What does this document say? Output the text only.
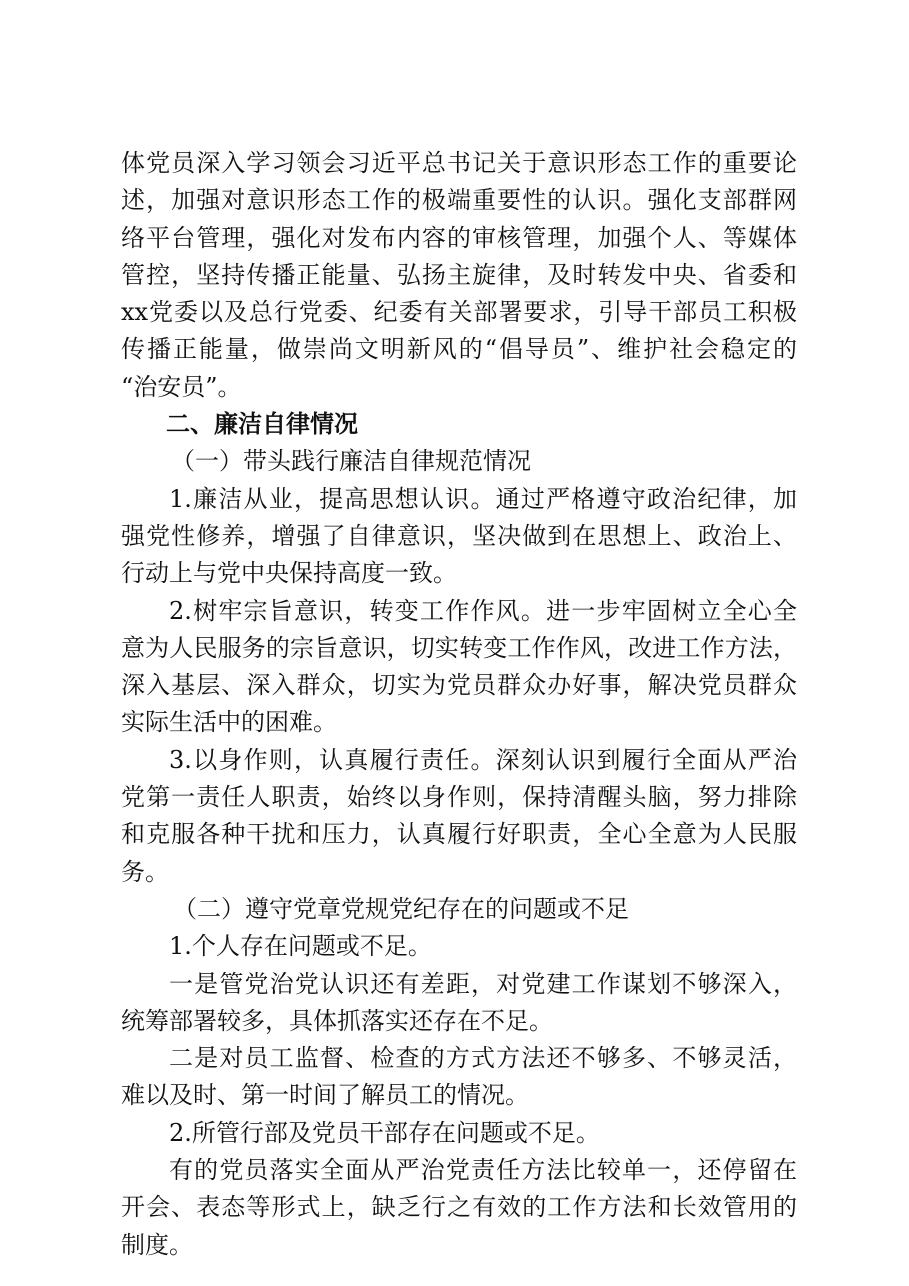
体党员深入学习领会习近平总书记关于意识形态工作的重要论
述，加强对意识形态工作的极端重要性的认识。强化支部群网
络平台管理，强化对发布内容的审核管理，加强个人、等媒体
管控，坚持传播正能量、弘扬主旋律，及时转发中央、省委和
xx党委以及总行党委、纪委有关部署要求，引导干部员工积极
传播正能量，做崇尚文明新风的“倡导员”、维护社会稳定的
“治安员”。
二、廉洁自律情况
（一）带头践行廉洁自律规范情况
1.廉洁从业，提高思想认识。通过严格遵守政治纪律，加
强党性修养，增强了自律意识，坚决做到在思想上、政治上、
行动上与党中央保持高度一致。
2.树牢宗旨意识，转变工作作风。进一步牢固树立全心全
意为人民服务的宗旨意识，切实转变工作作风，改进工作方法，
深入基层、深入群众，切实为党员群众办好事，解决党员群众
实际生活中的困难。
3.以身作则，认真履行责任。深刻认识到履行全面从严治
党第一责任人职责，始终以身作则，保持清醒头脑，努力排除
和克服各种干扰和压力，认真履行好职责，全心全意为人民服
务。
（二）遵守党章党规党纪存在的问题或不足
1.个人存在问题或不足。
一是管党治党认识还有差距，对党建工作谋划不够深入，
统筹部署较多，具体抓落实还存在不足。
二是对员工监督、检查的方式方法还不够多、不够灵活，
难以及时、第一时间了解员工的情况。
2.所管行部及党员干部存在问题或不足。
有的党员落实全面从严治党责任方法比较单一，还停留在
开会、表态等形式上，缺乏行之有效的工作方法和长效管用的
制度。
